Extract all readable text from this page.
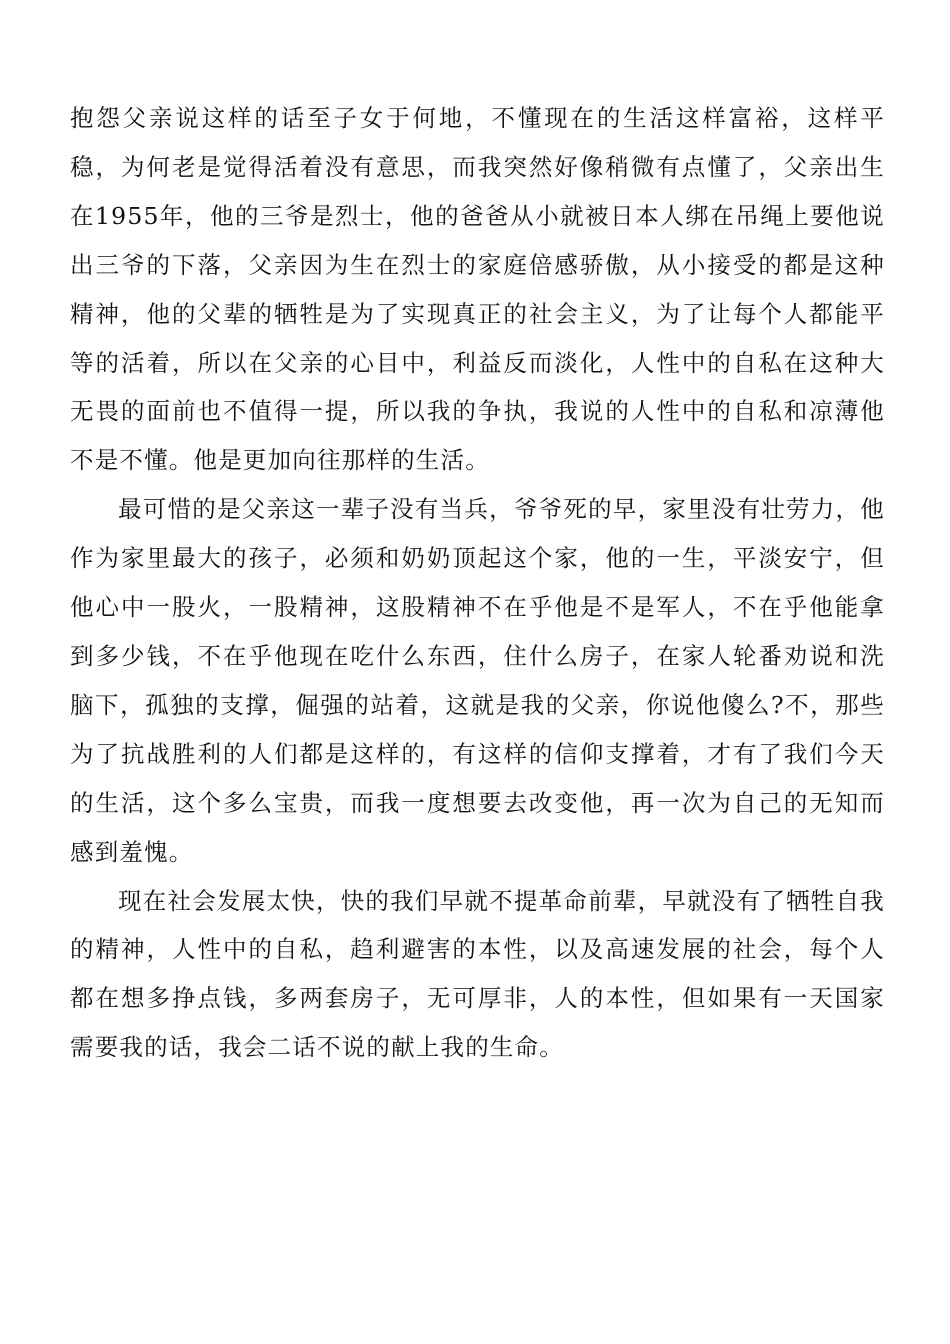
抱怨父亲说这样的话至子女于何地，不懂现在的生活这样富裕，这样平稳，为何老是觉得活着没有意思，而我突然好像稍微有点懂了，父亲出生在1955年，他的三爷是烈士，他的爸爸从小就被日本人绑在吊绳上要他说出三爷的下落，父亲因为生在烈士的家庭倍感骄傲，从小接受的都是这种精神，他的父辈的牺牲是为了实现真正的社会主义，为了让每个人都能平等的活着，所以在父亲的心目中，利益反而淡化，人性中的自私在这种大无畏的面前也不值得一提，所以我的争执，我说的人性中的自私和凉薄他不是不懂。他是更加向往那样的生活。

最可惜的是父亲这一辈子没有当兵，爷爷死的早，家里没有壮劳力，他作为家里最大的孩子，必须和奶奶顶起这个家，他的一生，平淡安宁，但他心中一股火，一股精神，这股精神不在乎他是不是军人，不在乎他能拿到多少钱，不在乎他现在吃什么东西，住什么房子，在家人轮番劝说和洗脑下，孤独的支撑，倔强的站着，这就是我的父亲，你说他傻么?不，那些为了抗战胜利的人们都是这样的，有这样的信仰支撑着，才有了我们今天的生活，这个多么宝贵，而我一度想要去改变他，再一次为自己的无知而感到羞愧。

现在社会发展太快，快的我们早就不提革命前辈，早就没有了牺牲自我的精神，人性中的自私，趋利避害的本性，以及高速发展的社会，每个人都在想多挣点钱，多两套房子，无可厚非，人的本性，但如果有一天国家需要我的话，我会二话不说的献上我的生命。
